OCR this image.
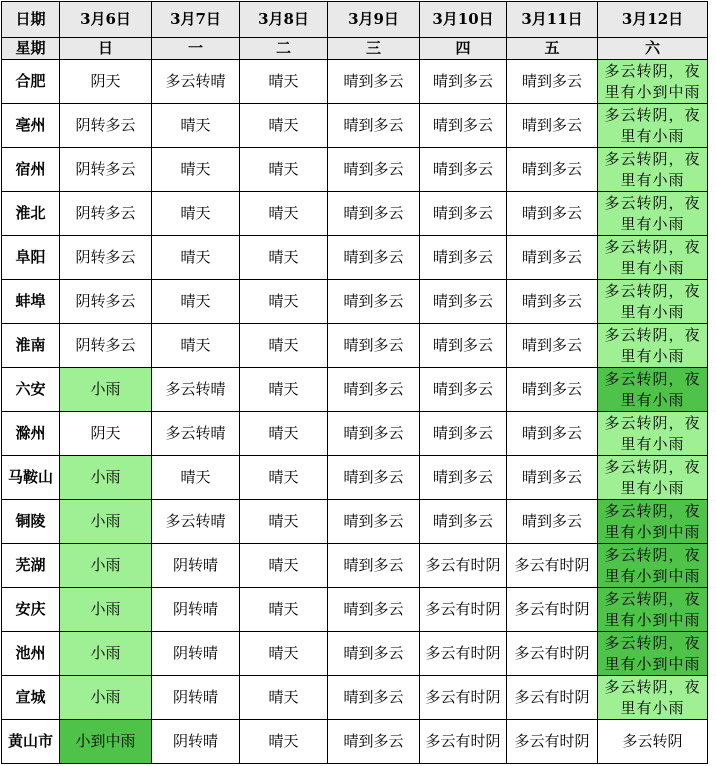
日期	3月6日	3月7日	3月8日	3月9日	3月10日	3月11日	3月12日
星期	日	一	二	三	四	五	六
合肥	阴天	多云转晴	晴天	晴到多云	晴到多云	晴到多云	多云转阴，夜里有小到中雨
亳州	阴转多云	晴天	晴天	晴到多云	晴到多云	晴到多云	多云转阴，夜里有小雨
宿州	阴转多云	晴天	晴天	晴到多云	晴到多云	晴到多云	多云转阴，夜里有小雨
淮北	阴转多云	晴天	晴天	晴到多云	晴到多云	晴到多云	多云转阴，夜里有小雨
阜阳	阴转多云	晴天	晴天	晴到多云	晴到多云	晴到多云	多云转阴，夜里有小雨
蚌埠	阴转多云	晴天	晴天	晴到多云	晴到多云	晴到多云	多云转阴，夜里有小雨
淮南	阴转多云	晴天	晴天	晴到多云	晴到多云	晴到多云	多云转阴，夜里有小雨
六安	小雨	多云转晴	晴天	晴到多云	晴到多云	晴到多云	多云转阴，夜里有小雨
滁州	阴天	多云转晴	晴天	晴到多云	晴到多云	晴到多云	多云转阴，夜里有小雨
马鞍山	小雨	晴天	晴天	晴到多云	晴到多云	晴到多云	多云转阴，夜里有小雨
铜陵	小雨	多云转晴	晴天	晴到多云	晴到多云	晴到多云	多云转阴，夜里有小到中雨
芜湖	小雨	阴转晴	晴天	晴到多云	多云有时阴	多云有时阴	多云转阴，夜里有小到中雨
安庆	小雨	阴转晴	晴天	晴到多云	多云有时阴	多云有时阴	多云转阴，夜里有小到中雨
池州	小雨	阴转晴	晴天	晴到多云	多云有时阴	多云有时阴	多云转阴，夜里有小到中雨
宣城	小雨	阴转晴	晴天	晴到多云	多云有时阴	多云有时阴	多云转阴，夜里有小雨
黄山市	小到中雨	阴转晴	晴天	晴到多云	多云有时阴	多云有时阴	多云转阴
